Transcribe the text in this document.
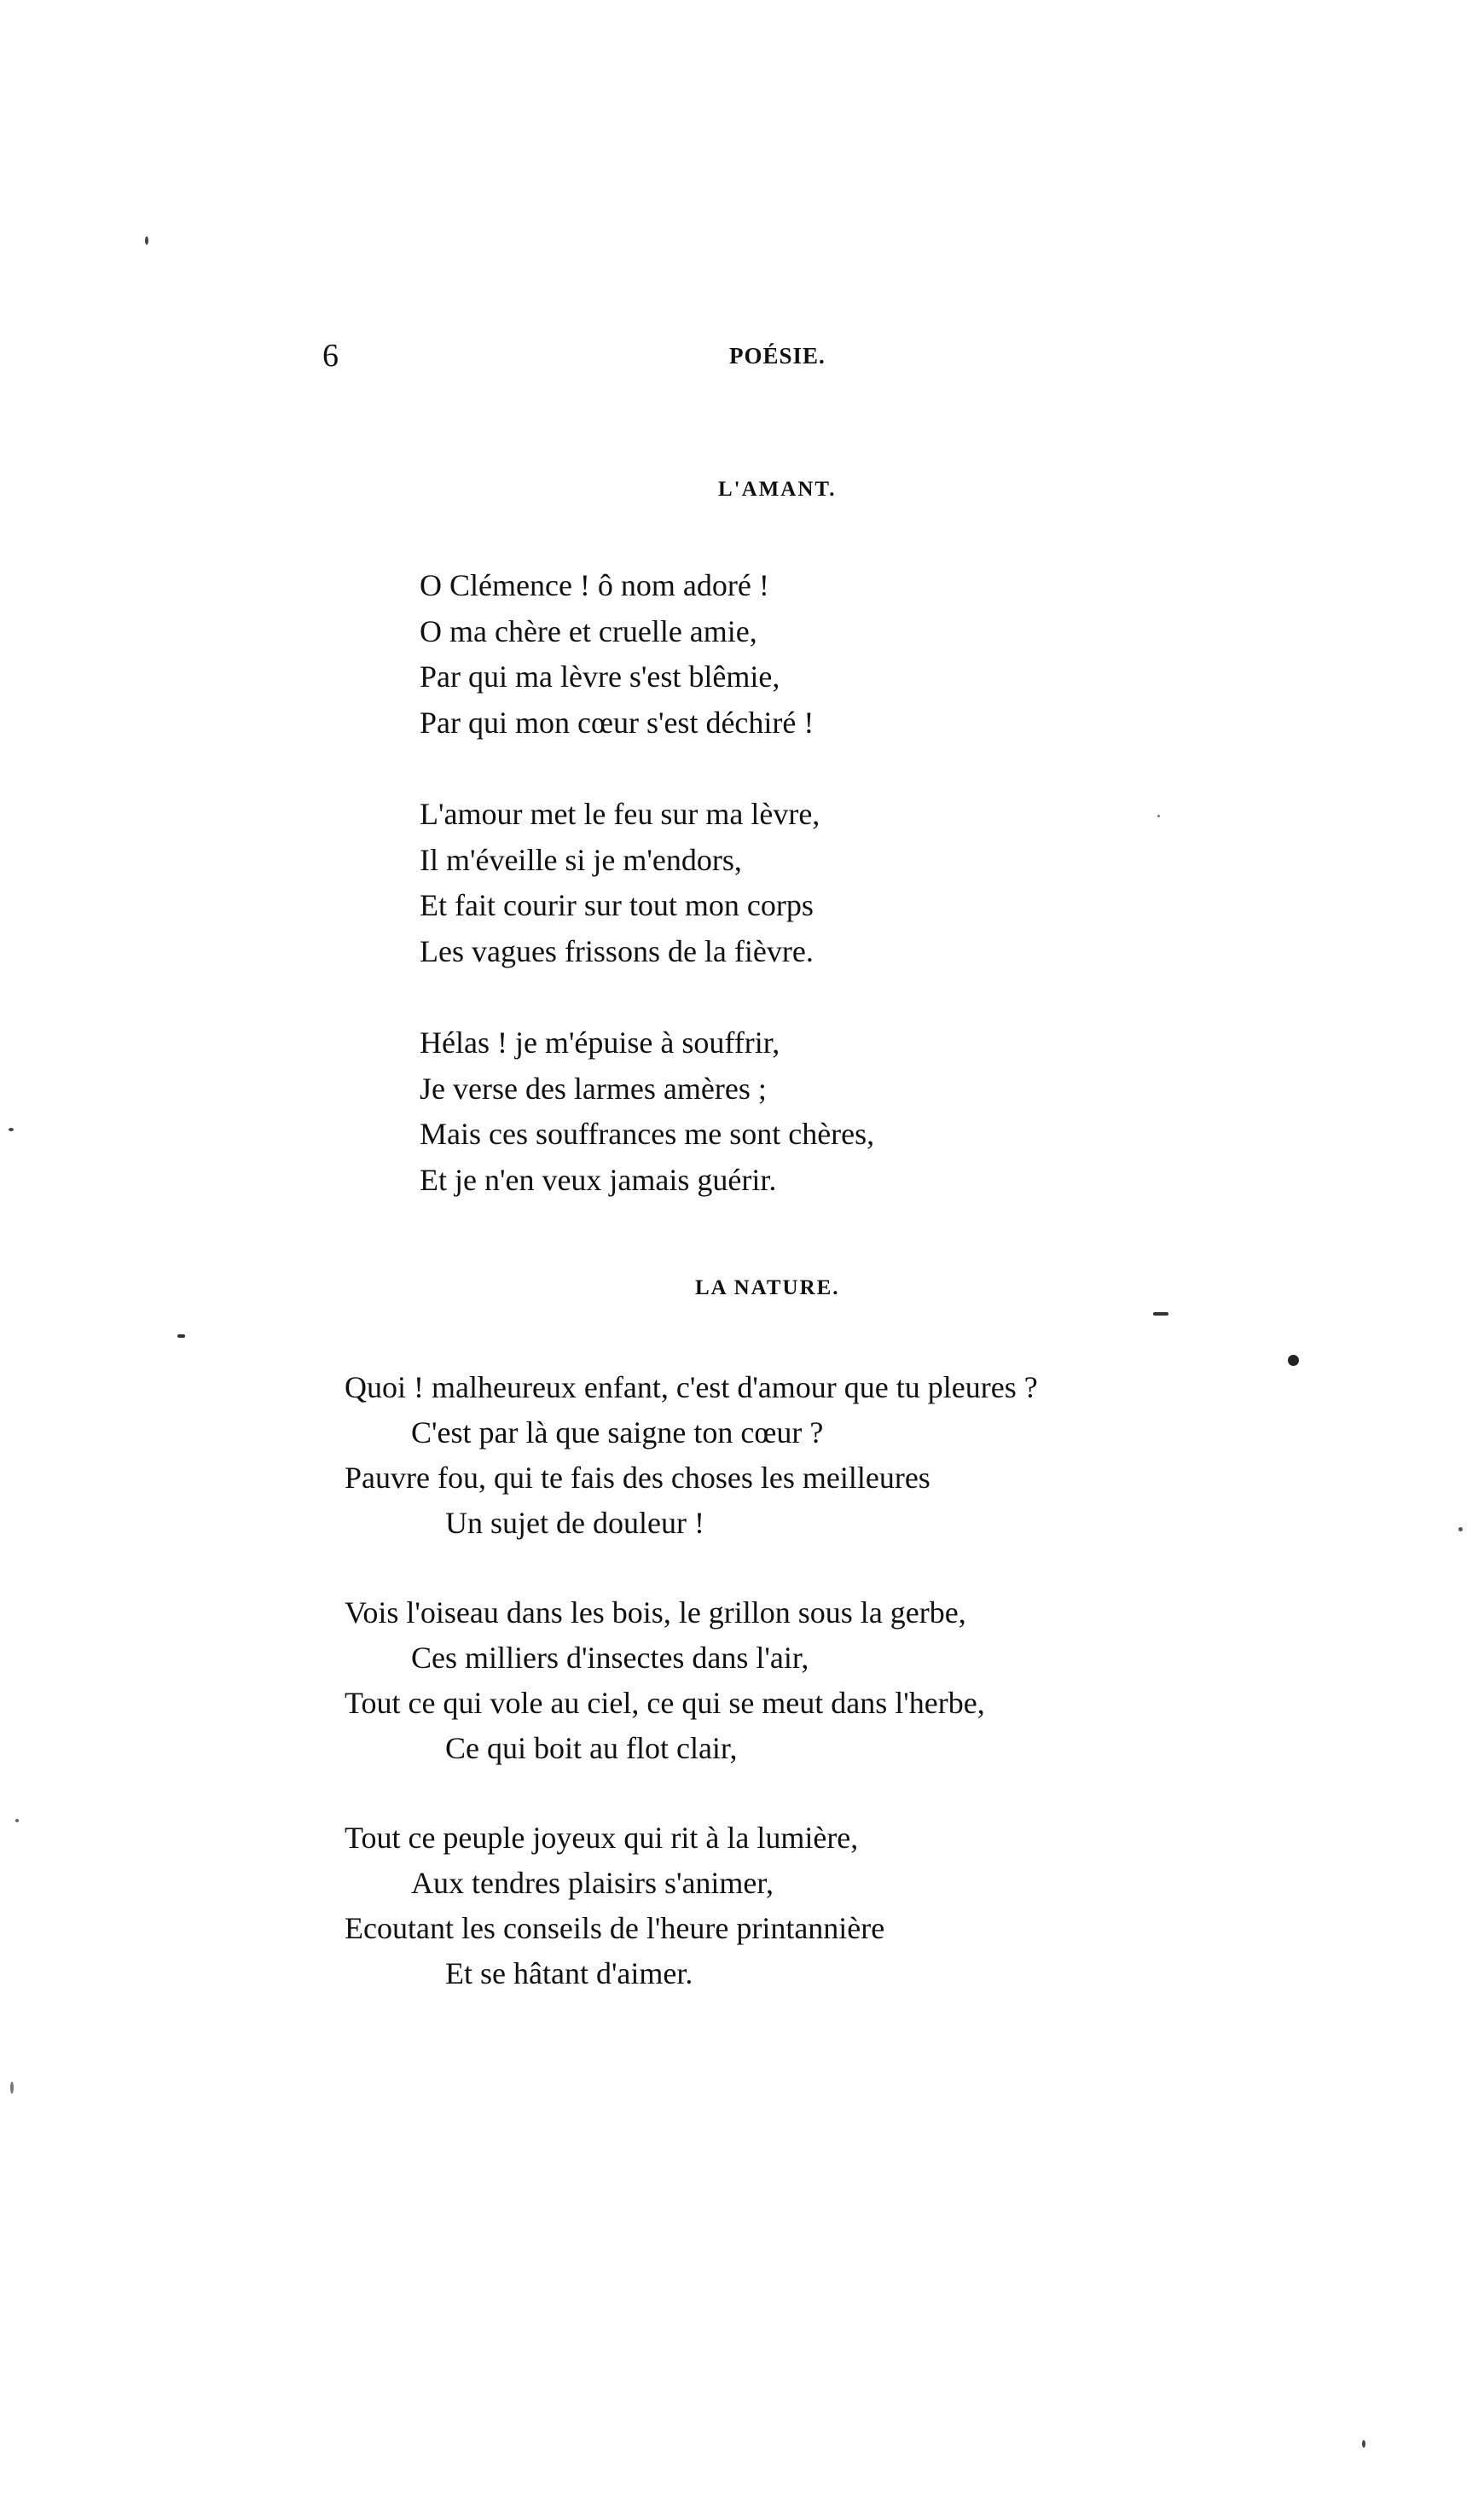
6	POÉSIE.
L'AMANT.
O Clémence ! ô nom adoré !
O ma chère et cruelle amie,
Par qui ma lèvre s'est blêmie,
Par qui mon cœur s'est déchiré !
L'amour met le feu sur ma lèvre,
Il m'éveille si je m'endors,
Et fait courir sur tout mon corps
Les vagues frissons de la fièvre.
Hélas ! je m'épuise à souffrir,
Je verse des larmes amères ;
Mais ces souffrances me sont chères,
Et je n'en veux jamais guérir.
LA NATURE.
Quoi ! malheureux enfant, c'est d'amour que tu pleures ?
C'est par là que saigne ton cœur ?
Pauvre fou, qui te fais des choses les meilleures
Un sujet de douleur !
Vois l'oiseau dans les bois, le grillon sous la gerbe,
Ces milliers d'insectes dans l'air,
Tout ce qui vole au ciel, ce qui se meut dans l'herbe,
Ce qui boit au flot clair,
Tout ce peuple joyeux qui rit à la lumière,
Aux tendres plaisirs s'animer,
Ecoutant les conseils de l'heure printannière
Et se hâtant d'aimer.
